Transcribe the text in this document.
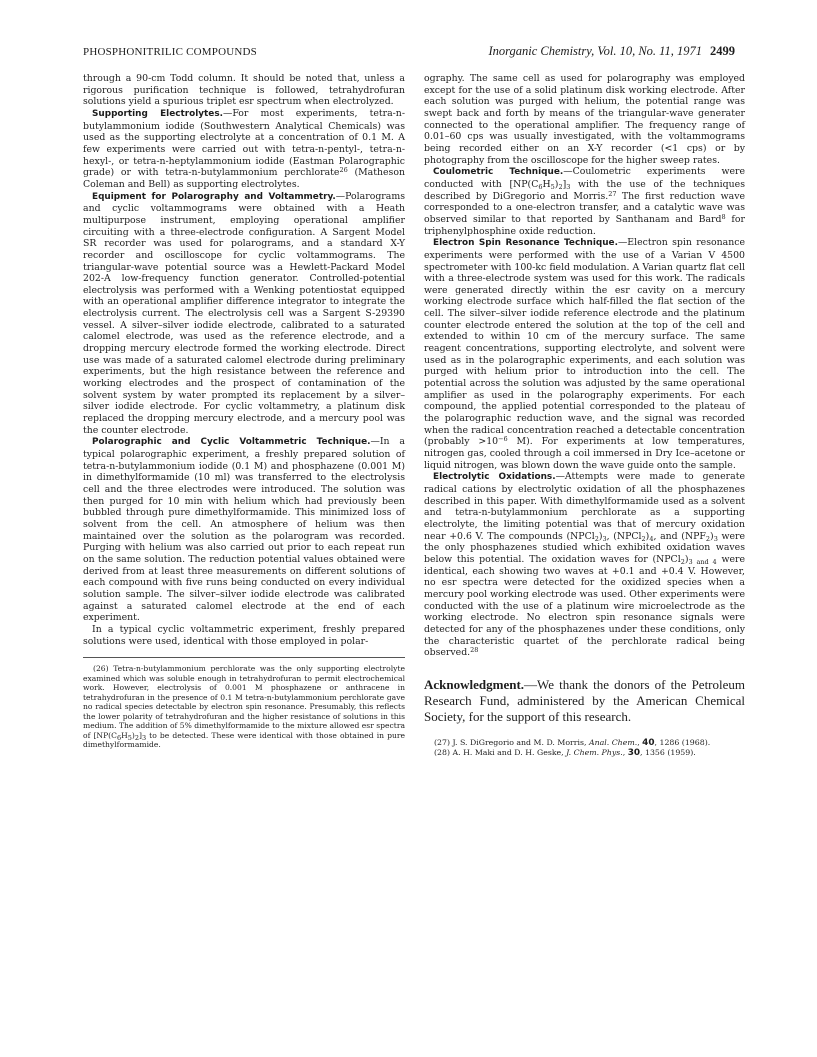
PHOSPHONITRILIC COMPOUNDS	Inorganic Chemistry, Vol. 10, No. 11, 1971 2499

through a 90-cm Todd column. It should be noted that, unless a rigorous purification technique is followed, tetrahydrofuran solutions yield a spurious triplet esr spectrum when electrolyzed.

Supporting Electrolytes.—For most experiments, tetra-n-butylammonium iodide (Southwestern Analytical Chemicals) was used as the supporting electrolyte at a concentration of 0.1 M. A few experiments were carried out with tetra-n-pentyl-, tetra-n-hexyl-, or tetra-n-heptylammonium iodide (Eastman Polarographic grade) or with tetra-n-butylammonium perchlorate$^{26}$ (Matheson Coleman and Bell) as supporting electrolytes.

Equipment for Polarography and Voltammetry.—Polarograms and cyclic voltammograms were obtained with a Heath multipurpose instrument, employing operational amplifier circuiting with a three-electrode configuration. A Sargent Model SR recorder was used for polarograms, and a standard X-Y recorder and oscilloscope for cyclic voltammograms. The triangular-wave potential source was a Hewlett-Packard Model 202-A low-frequency function generator. Controlled-potential electrolysis was performed with a Wenking potentiostat equipped with an operational amplifier difference integrator to integrate the electrolysis current. The electrolysis cell was a Sargent S-29390 vessel. A silver–silver iodide electrode, calibrated to a saturated calomel electrode, was used as the reference electrode, and a dropping mercury electrode formed the working electrode. Direct use was made of a saturated calomel electrode during preliminary experiments, but the high resistance between the reference and working electrodes and the prospect of contamination of the solvent system by water prompted its replacement by a silver–silver iodide electrode. For cyclic voltammetry, a platinum disk replaced the dropping mercury electrode, and a mercury pool was the counter electrode.

Polarographic and Cyclic Voltammetric Technique.—In a typical polarographic experiment, a freshly prepared solution of tetra-n-butylammonium iodide (0.1 M) and phosphazene (0.001 M) in dimethylformamide (10 ml) was transferred to the electrolysis cell and the three electrodes were introduced. The solution was then purged for 10 min with helium which had previously been bubbled through pure dimethylformamide. This minimized loss of solvent from the cell. An atmosphere of helium was then maintained over the solution as the polarogram was recorded. Purging with helium was also carried out prior to each repeat run on the same solution. The reduction potential values obtained were derived from at least three measurements on different solutions of each compound with five runs being conducted on every individual solution sample. The silver–silver iodide electrode was calibrated against a saturated calomel electrode at the end of each experiment.

In a typical cyclic voltammetric experiment, freshly prepared solutions were used, identical with those employed in polar-

(26) Tetra-n-butylammonium perchlorate was the only supporting electrolyte examined which was soluble enough in tetrahydrofuran to permit electrochemical work. However, electrolysis of 0.001 M phosphazene or anthracene in tetrahydrofuran in the presence of 0.1 M tetra-n-butylammonium perchlorate gave no radical species detectable by electron spin resonance. Presumably, this reflects the lower polarity of tetrahydrofuran and the higher resistance of solutions in this medium. The addition of 5% dimethylformamide to the mixture allowed esr spectra of $[NP(C_6H_5)_2]_3$ to be detected. These were identical with those obtained in pure dimethylformamide.

ography. The same cell as used for polarography was employed except for the use of a solid platinum disk working electrode. After each solution was purged with helium, the potential range was swept back and forth by means of the triangular-wave generater connected to the operational amplifier. The frequency range of 0.01–60 cps was usually investigated, with the voltammograms being recorded either on an X-Y recorder (<1 cps) or by photography from the oscilloscope for the higher sweep rates.

Coulometric Technique.—Coulometric experiments were conducted with $[NP(C_6H_5)_2]_3$ with the use of the techniques described by DiGregorio and Morris.$^{27}$ The first reduction wave corresponded to a one-electron transfer, and a catalytic wave was observed similar to that reported by Santhanam and Bard$^8$ for triphenylphosphine oxide reduction.

Electron Spin Resonance Technique.—Electron spin resonance experiments were performed with the use of a Varian V 4500 spectrometer with 100-kc field modulation. A Varian quartz flat cell with a three-electrode system was used for this work. The radicals were generated directly within the esr cavity on a mercury working electrode surface which half-filled the flat section of the cell. The silver–silver iodide reference electrode and the platinum counter electrode entered the solution at the top of the cell and extended to within 10 cm of the mercury surface. The same reagent concentrations, supporting electrolyte, and solvent were used as in the polarographic experiments, and each solution was purged with helium prior to introduction into the cell. The potential across the solution was adjusted by the same operational amplifier as used in the polarography experiments. For each compound, the applied potential corresponded to the plateau of the polarographic reduction wave, and the signal was recorded when the radical concentration reached a detectable concentration (probably $>10^{-6}$ M). For experiments at low temperatures, nitrogen gas, cooled through a coil immersed in Dry Ice–acetone or liquid nitrogen, was blown down the wave guide onto the sample.

Electrolytic Oxidations.—Attempts were made to generate radical cations by electrolytic oxidation of all the phosphazenes described in this paper. With dimethylformamide used as a solvent and tetra-n-butylammonium perchlorate as a supporting electrolyte, the limiting potential was that of mercury oxidation near +0.6 V. The compounds $(NPCl_2)_3$, $(NPCl_2)_4$, and $(NPF_2)_3$ were the only phosphazenes studied which exhibited oxidation waves below this potential. The oxidation waves for $(NPCl_2)_{3 and 4}$ were identical, each showing two waves at +0.1 and +0.4 V. However, no esr spectra were detected for the oxidized species when a mercury pool working electrode was used. Other experiments were conducted with the use of a platinum wire microelectrode as the working electrode. No electron spin resonance signals were detected for any of the phosphazenes under these conditions, only the characteristic quartet of the perchlorate radical being observed.$^{28}$

Acknowledgment.—We thank the donors of the Petroleum Research Fund, administered by the American Chemical Society, for the support of this research.

(27) J. S. DiGregorio and M. D. Morris, Anal. Chem., 40, 1286 (1968).

(28) A. H. Maki and D. H. Geske, J. Chem. Phys., 30, 1356 (1959).
